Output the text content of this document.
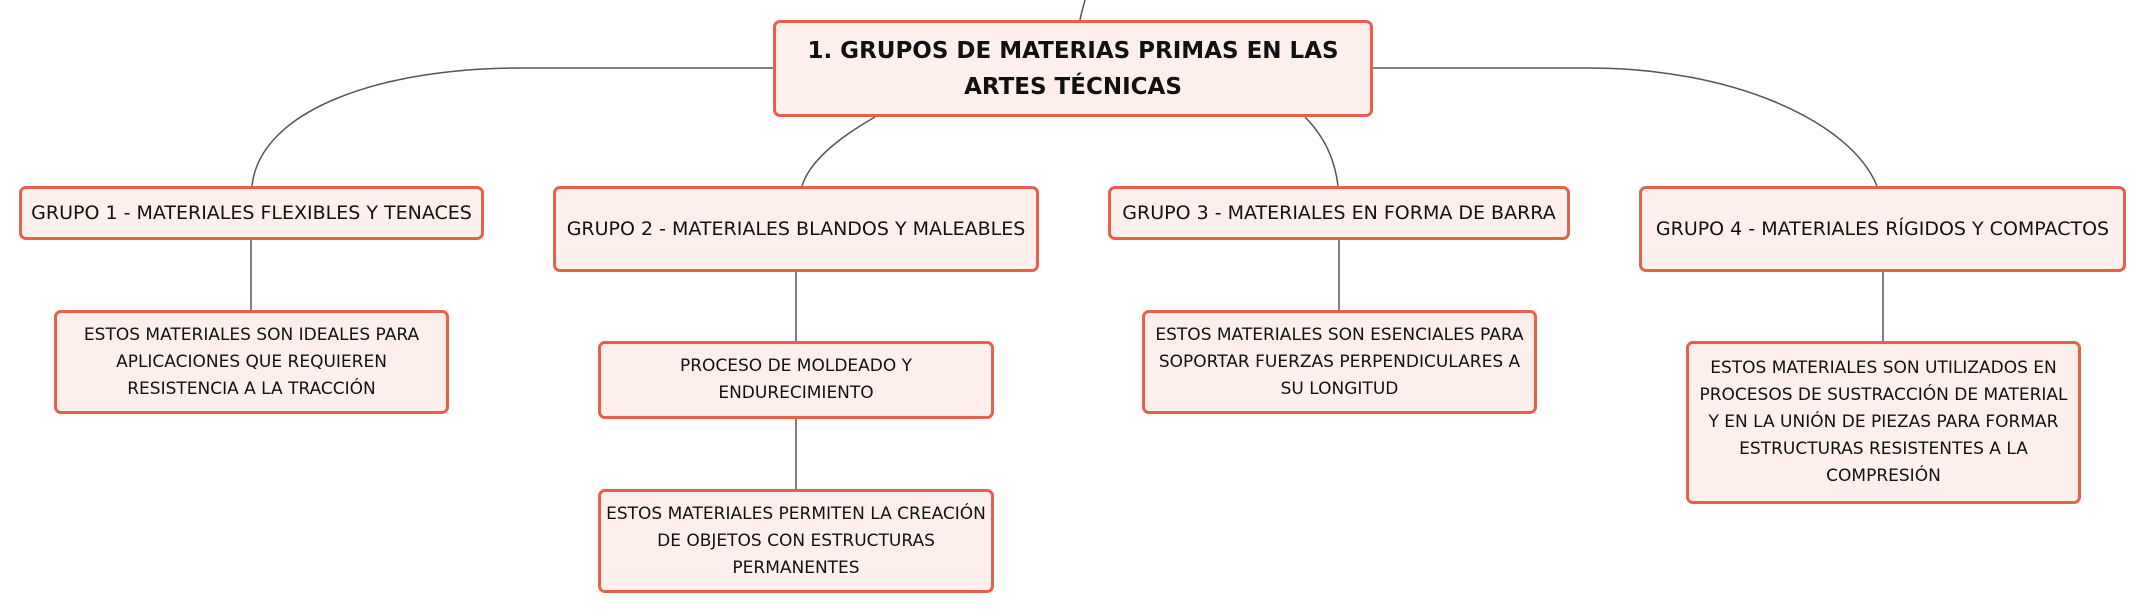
1. GRUPOS DE MATERIAS PRIMAS EN LAS ARTES TÉCNICAS
GRUPO 1 - MATERIALES FLEXIBLES Y TENACES
GRUPO 2 - MATERIALES BLANDOS Y MALEABLES
GRUPO 3 - MATERIALES EN FORMA DE BARRA
GRUPO 4 - MATERIALES RÍGIDOS Y COMPACTOS
ESTOS MATERIALES SON IDEALES PARA APLICACIONES QUE REQUIEREN RESISTENCIA A LA TRACCIÓN
PROCESO DE MOLDEADO Y ENDURECIMIENTO
ESTOS MATERIALES PERMITEN LA CREACIÓN DE OBJETOS CON ESTRUCTURAS PERMANENTES
ESTOS MATERIALES SON ESENCIALES PARA SOPORTAR FUERZAS PERPENDICULARES A SU LONGITUD
ESTOS MATERIALES SON UTILIZADOS EN PROCESOS DE SUSTRACCIÓN DE MATERIAL Y EN LA UNIÓN DE PIEZAS PARA FORMAR ESTRUCTURAS RESISTENTES A LA COMPRESIÓN
